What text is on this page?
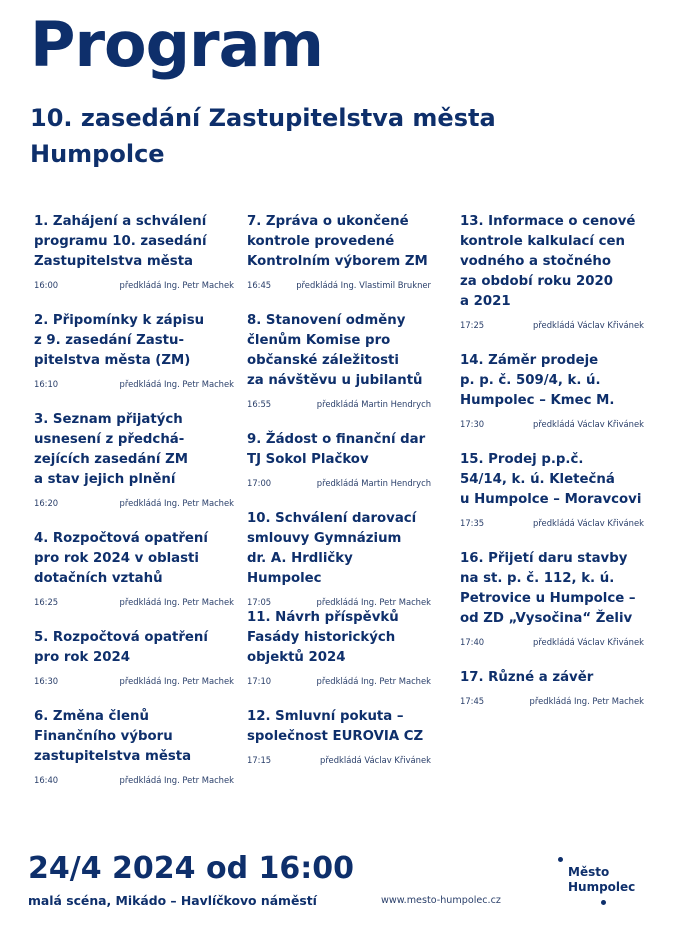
Program
10. zasedání Zastupitelstva města Humpolce
1. Zahájení a schválení
programu 10. zasedání
Zastupitelstva města
16:00	předkládá Ing. Petr Machek
2. Připomínky k zápisu
z 9. zasedání Zastu-
pitelstva města (ZM)
16:10	předkládá Ing. Petr Machek
3. Seznam přijatých
usnesení z předchá-
zejících zasedání ZM
a stav jejich plnění
16:20	předkládá Ing. Petr Machek
4. Rozpočtová opatření
pro rok 2024 v oblasti
dotačních vztahů
16:25	předkládá Ing. Petr Machek
5. Rozpočtová opatření
pro rok 2024
16:30	předkládá Ing. Petr Machek
6. Změna členů
Finančního výboru
zastupitelstva města
16:40	předkládá Ing. Petr Machek
7. Zpráva o ukončené
kontrole provedené
Kontrolním výborem ZM
16:45	předkládá Ing. Vlastimil Brukner
8. Stanovení odměny
členům Komise pro
občanské záležitosti
za návštěvu u jubilantů
16:55	předkládá Martin Hendrych
9. Žádost o finanční dar
TJ Sokol Plačkov
17:00	předkládá Martin Hendrych
10. Schválení darovací
smlouvy Gymnázium
dr. A. Hrdličky Humpolec
17:05	předkládá Ing. Petr Machek
11. Návrh příspěvků
Fasády historických
objektů 2024
17:10	předkládá Ing. Petr Machek
12. Smluvní pokuta –
společnost EUROVIA CZ
17:15	předkládá Václav Křivánek
13. Informace o cenové
kontrole kalkulací cen
vodného a stočného
za období roku 2020
a 2021
17:25	předkládá Václav Křivánek
14. Záměr prodeje
p. p. č. 509/4, k. ú.
Humpolec – Kmec M.
17:30	předkládá Václav Křivánek
15. Prodej p.p.č.
54/14, k. ú. Kletečná
u Humpolce – Moravcovi
17:35	předkládá Václav Křivánek
16. Přijetí daru stavby
na st. p. č. 112, k. ú.
Petrovice u Humpolce –
od ZD „Vysočina“ Želiv
17:40	předkládá Václav Křivánek
17. Různé a závěr
17:45	předkládá Ing. Petr Machek
24/4 2024 od 16:00
malá scéna, Mikádo – Havlíčkovo náměstí	www.mesto-humpolec.cz
Město
Humpolec
